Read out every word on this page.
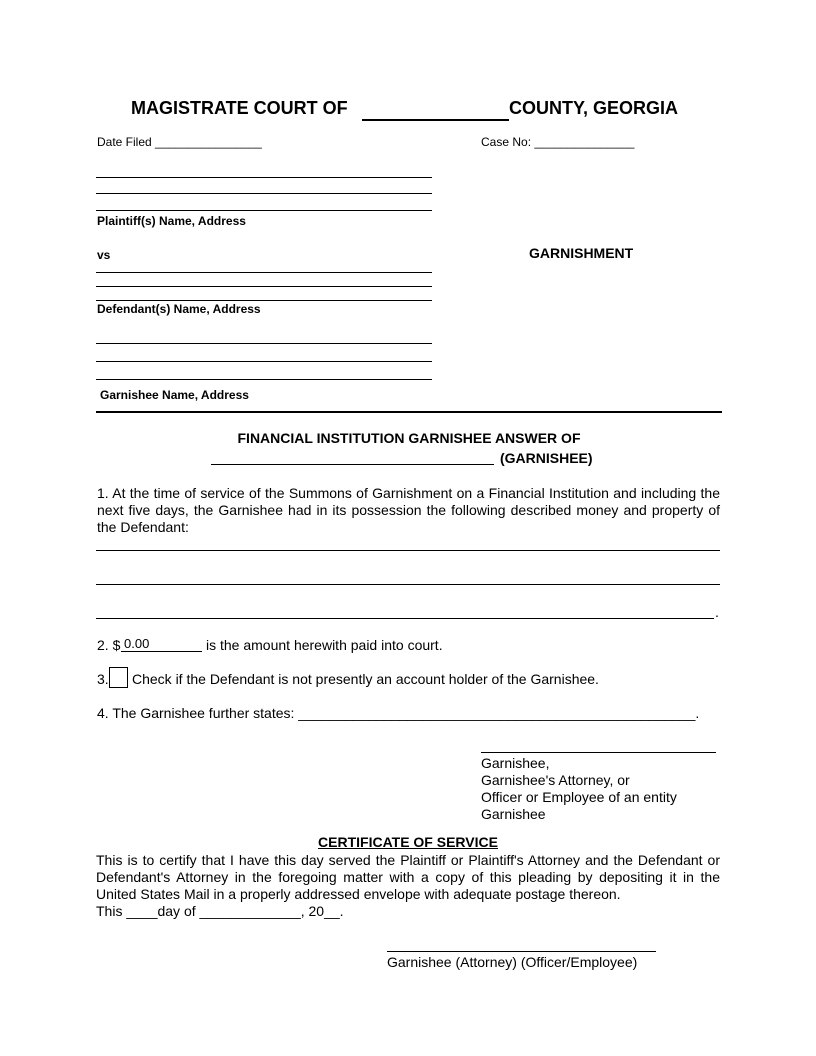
MAGISTRATE COURT OF	COUNTY, GEORGIA
Date Filed ________________	Case No: _______________
Plaintiff(s) Name, Address
vs	GARNISHMENT
Defendant(s) Name, Address
Garnishee Name, Address
FINANCIAL INSTITUTION GARNISHEE ANSWER OF
(GARNISHEE)
1. At the time of service of the Summons of Garnishment on a Financial Institution and including the next five days, the Garnishee had in its possession the following described money and property of the Defendant:
.
2. $ 0.00	is the amount herewith paid into court.
3. Check if the Defendant is not presently an account holder of the Garnishee.
4. The Garnishee further states: ___________________________________________________.
Garnishee,
Garnishee's Attorney, or
Officer or Employee of an entity
Garnishee
CERTIFICATE OF SERVICE
This is to certify that I have this day served the Plaintiff or Plaintiff's Attorney and the Defendant or Defendant's Attorney in the foregoing matter with a copy of this pleading by depositing it in the United States Mail in a properly addressed envelope with adequate postage thereon.
This ____day of _____________, 20__.
Garnishee (Attorney) (Officer/Employee)
